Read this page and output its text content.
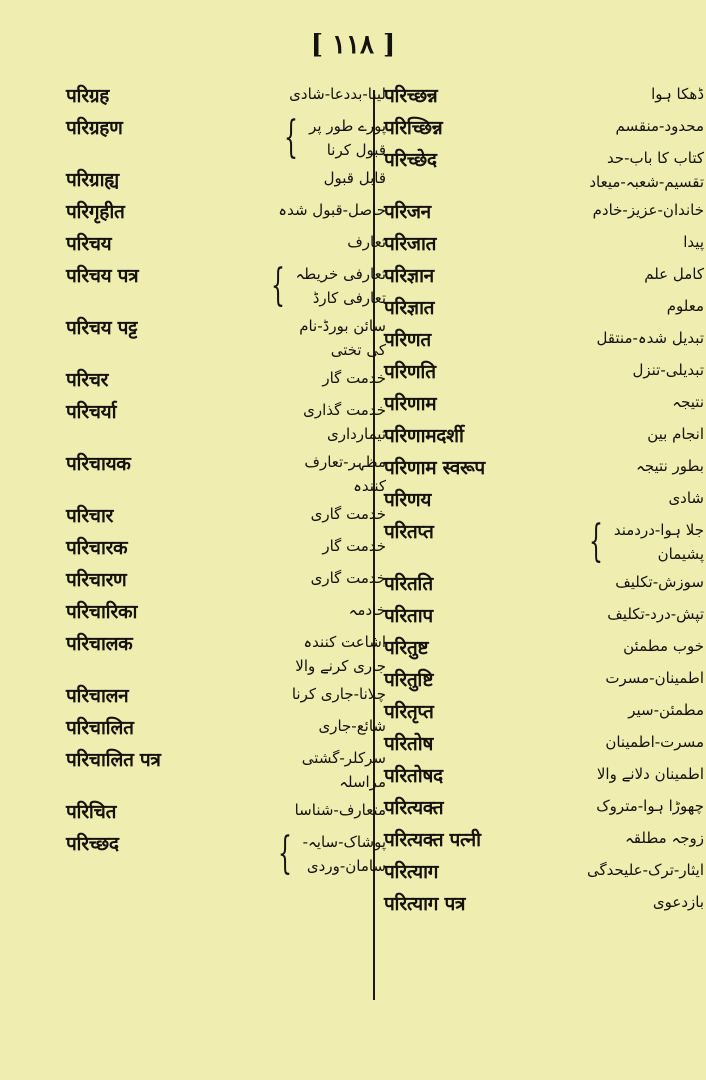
[ ۱۱۸ ]
परिग्रह	لینا-بددعا-شادی
परिग्रहण	{ پورے طور پر
قبول کرنا
परिग्राह्य	قابل قبول
परिगृहीत	حاصل-قبول شدہ
परिचय	تعارف
परिचय पत्र	{ تعارفی خریطہ
تعارفی کارڈ
परिचय पट्ट	سائن بورڈ-نام
کی تختی
परिचर	خدمت گار
परिचर्या	خدمت گذاری
تیمارداری
परिचायक	مظہر-تعارف
کنندہ
परिचार	خدمت گاری
परिचारक	خدمت گار
परिचारण	خدمت گاری
परिचारिका	خادمہ
परिचालक	اشاعت کنندہ
جاری کرنے والا
परिचालन	چلانا-جاری کرنا
परिचालित	شائع-جاری
परिचालित पत्र	سرکلر-گشتی
مراسلہ
परिचित	متعارف-شناسا
परिच्छद	{ پوشاک-سایہ-
سامان-وردی
परिच्छन्न	ڈھکا ہوا
परिच्छिन्न	محدود-منقسم
परिच्छेद	کتاب کا باب-حد
تقسیم-شعبہ-میعاد
परिजन	خاندان-عزیز-خادم
परिजात	پیدا
परिज्ञान	کامل علم
परिज्ञात	معلوم
परिणत	تبدیل شدہ-منتقل
परिणति	تبدیلی-تنزل
परिणाम	نتیجہ
परिणामदर्शी	انجام بین
परिणाम स्वरूप	بطور نتیجہ
परिणय	شادی
परितप्त	{ جلا ہوا-دردمند
پشیمان
परितति	سوزش-تکلیف
परिताप	تپش-درد-تکلیف
परितुष्ट	خوب مطمئن
परितुष्टि	اطمینان-مسرت
परितृप्त	مطمئن-سیر
परितोष	مسرت-اطمینان
परितोषद	اطمینان دلانے والا
परित्यक्त	چھوڑا ہوا-متروک
परित्यक्त पत्नी	زوجہ مطلقہ
परित्याग	ایثار-ترک-علیحدگی
परित्याग पत्र	بازدعوی
